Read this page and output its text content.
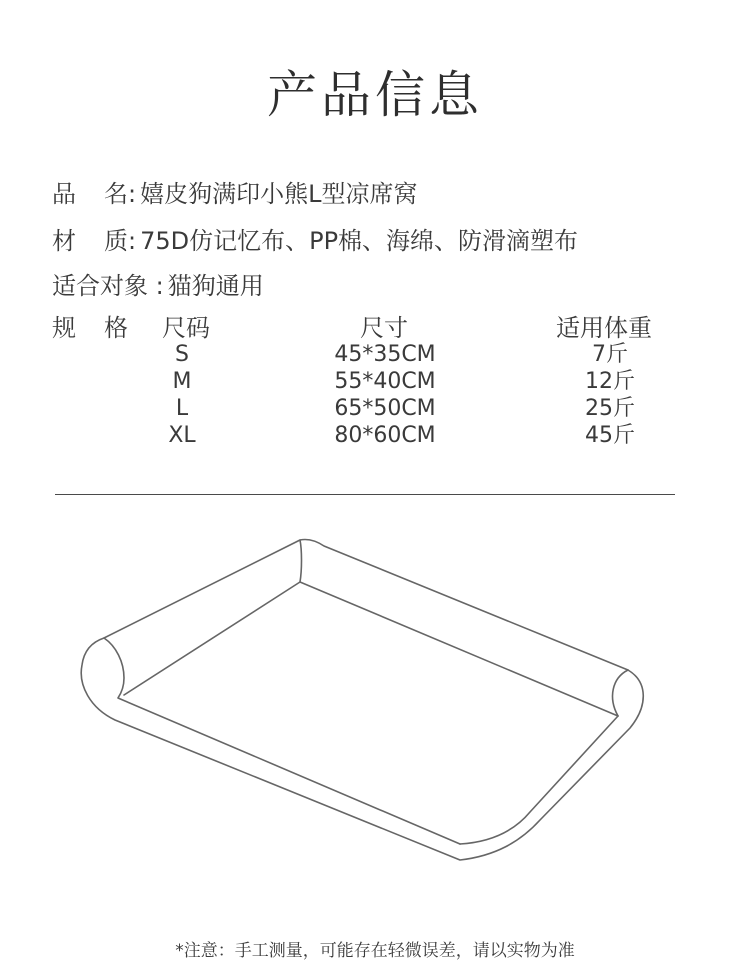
产品信息
品 名: 嬉皮狗满印小熊L型凉席窝
材 质: 75D仿记忆布、PP棉、海绵、防滑滴塑布
适合对象 : 猫狗通用
规 格 尺码	尺寸	适用体重
S	45*35CM	7斤
M	55*40CM	12斤
L	65*50CM	25斤
XL	80*60CM	45斤
*注意：手工测量，可能存在轻微误差，请以实物为准
